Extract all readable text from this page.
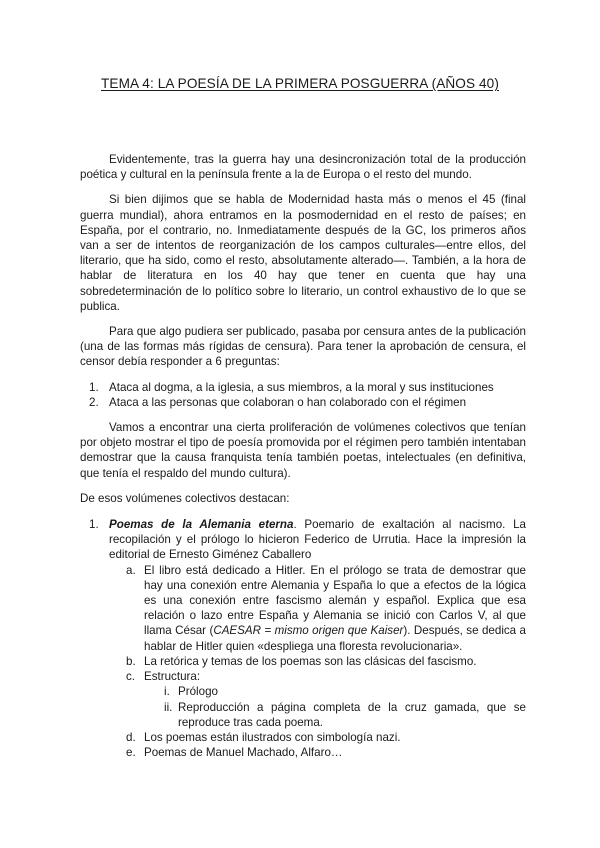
TEMA 4: LA POESÍA DE LA PRIMERA POSGUERRA (AÑOS 40)

Evidentemente, tras la guerra hay una desincronización total de la producción poética y cultural en la península frente a la de Europa o el resto del mundo.

Si bien dijimos que se habla de Modernidad hasta más o menos el 45 (final guerra mundial), ahora entramos en la posmodernidad en el resto de países; en España, por el contrario, no. Inmediatamente después de la GC, los primeros años van a ser de intentos de reorganización de los campos culturales—entre ellos, del literario, que ha sido, como el resto, absolutamente alterado—. También, a la hora de hablar de literatura en los 40 hay que tener en cuenta que hay una sobredeterminación de lo político sobre lo literario, un control exhaustivo de lo que se publica.

Para que algo pudiera ser publicado, pasaba por censura antes de la publicación (una de las formas más rígidas de censura). Para tener la aprobación de censura, el censor debía responder a 6 preguntas:

1. Ataca al dogma, a la iglesia, a sus miembros, a la moral y sus instituciones
2. Ataca a las personas que colaboran o han colaborado con el régimen

Vamos a encontrar una cierta proliferación de volúmenes colectivos que tenían por objeto mostrar el tipo de poesía promovida por el régimen pero también intentaban demostrar que la causa franquista tenía también poetas, intelectuales (en definitiva, que tenía el respaldo del mundo cultura).

De esos volúmenes colectivos destacan:

1. Poemas de la Alemania eterna. Poemario de exaltación al nacismo. La recopilación y el prólogo lo hicieron Federico de Urrutia. Hace la impresión la editorial de Ernesto Giménez Caballero
a. El libro está dedicado a Hitler. En el prólogo se trata de demostrar que hay una conexión entre Alemania y España lo que a efectos de la lógica es una conexión entre fascismo alemán y español. Explica que esa relación o lazo entre España y Alemania se inició con Carlos V, al que llama César (CAESAR = mismo origen que Kaiser). Después, se dedica a hablar de Hitler quien «despliega una floresta revolucionaria».
b. La retórica y temas de los poemas son las clásicas del fascismo.
c. Estructura:
i. Prólogo
ii. Reproducción a página completa de la cruz gamada, que se reproduce tras cada poema.
d. Los poemas están ilustrados con simbología nazi.
e. Poemas de Manuel Machado, Alfaro…
